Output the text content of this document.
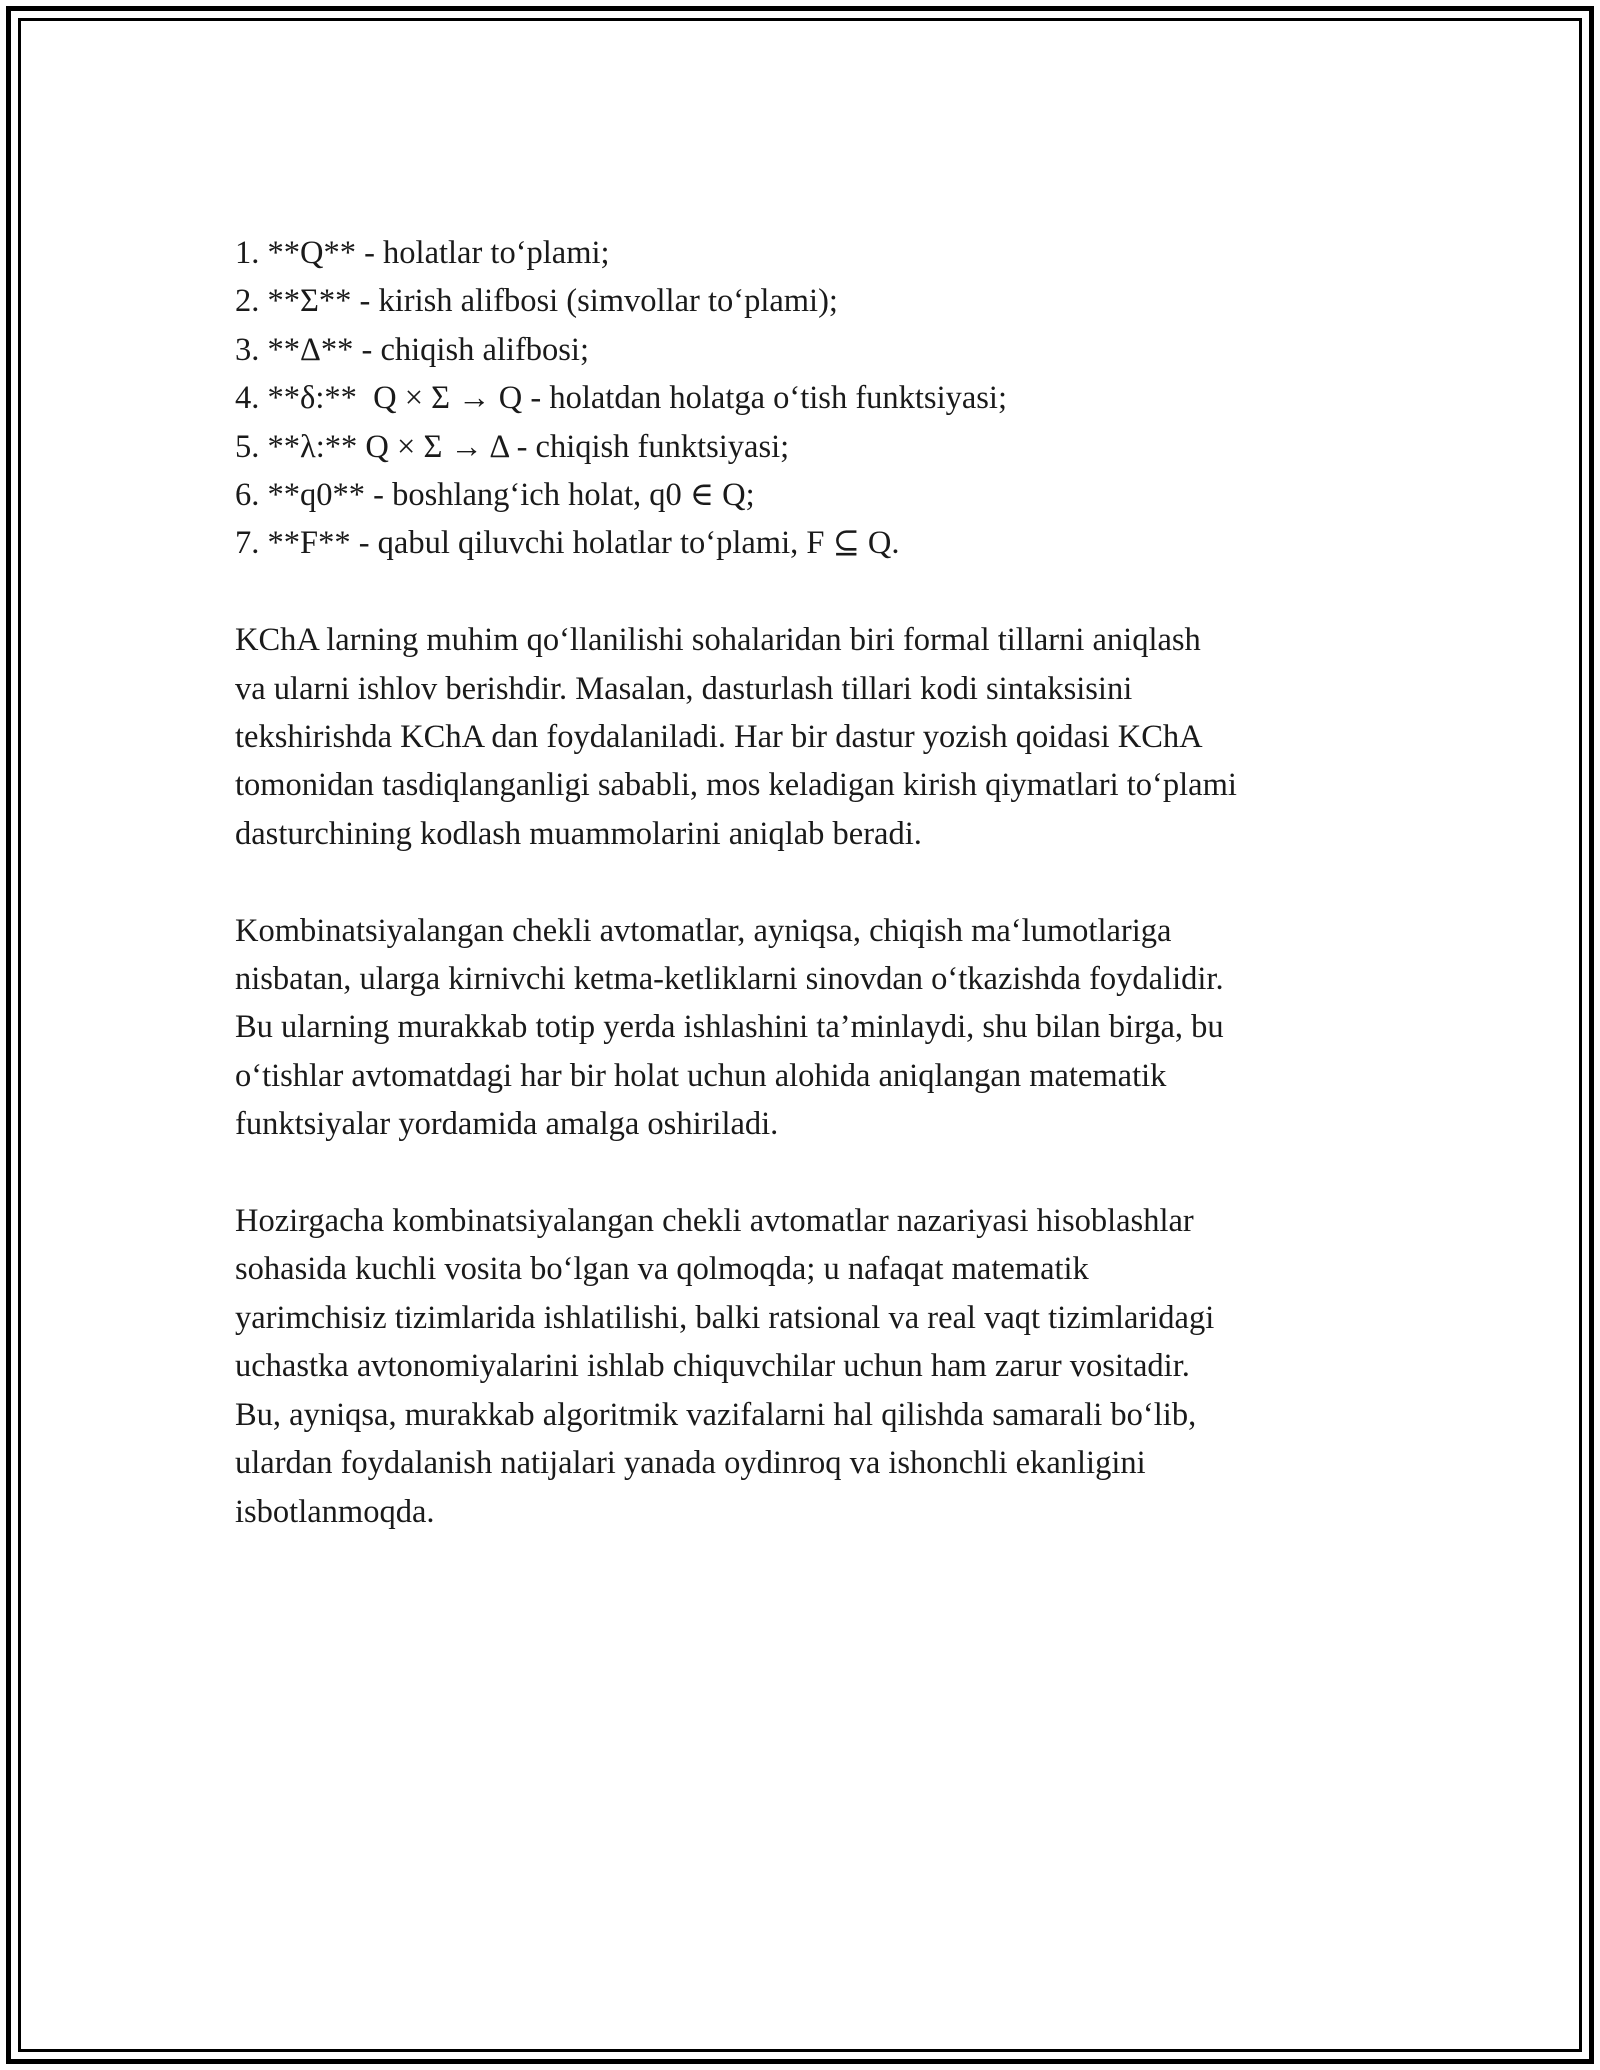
1. **Q** - holatlar to‘plami;
2. **Σ** - kirish alifbosi (simvollar to‘plami);
3. **Δ** - chiqish alifbosi;
4. **δ:**  Q × Σ → Q - holatdan holatga o‘tish funktsiyasi;
5. **λ:** Q × Σ → Δ - chiqish funktsiyasi;
6. **q0** - boshlang‘ich holat, q0 ∈ Q;
7. **F** - qabul qiluvchi holatlar to‘plami, F ⊆ Q.

KChA larning muhim qo‘llanilishi sohalaridan biri formal tillarni aniqlash
va ularni ishlov berishdir. Masalan, dasturlash tillari kodi sintaksisini
tekshirishda KChA dan foydalaniladi. Har bir dastur yozish qoidasi KChA
tomonidan tasdiqlanganligi sababli, mos keladigan kirish qiymatlari to‘plami
dasturchining kodlash muammolarini aniqlab beradi.

Kombinatsiyalangan chekli avtomatlar, ayniqsa, chiqish ma‘lumotlariga
nisbatan, ularga kirnivchi ketma-ketliklarni sinovdan o‘tkazishda foydalidir.
Bu ularning murakkab totip yerda ishlashini ta’minlaydi, shu bilan birga, bu
o‘tishlar avtomatdagi har bir holat uchun alohida aniqlangan matematik
funktsiyalar yordamida amalga oshiriladi.

Hozirgacha kombinatsiyalangan chekli avtomatlar nazariyasi hisoblashlar
sohasida kuchli vosita bo‘lgan va qolmoqda; u nafaqat matematik
yarimchisiz tizimlarida ishlatilishi, balki ratsional va real vaqt tizimlaridagi
uchastka avtonomiyalarini ishlab chiquvchilar uchun ham zarur vositadir.
Bu, ayniqsa, murakkab algoritmik vazifalarni hal qilishda samarali bo‘lib,
ulardan foydalanish natijalari yanada oydinroq va ishonchli ekanligini
isbotlanmoqda.
